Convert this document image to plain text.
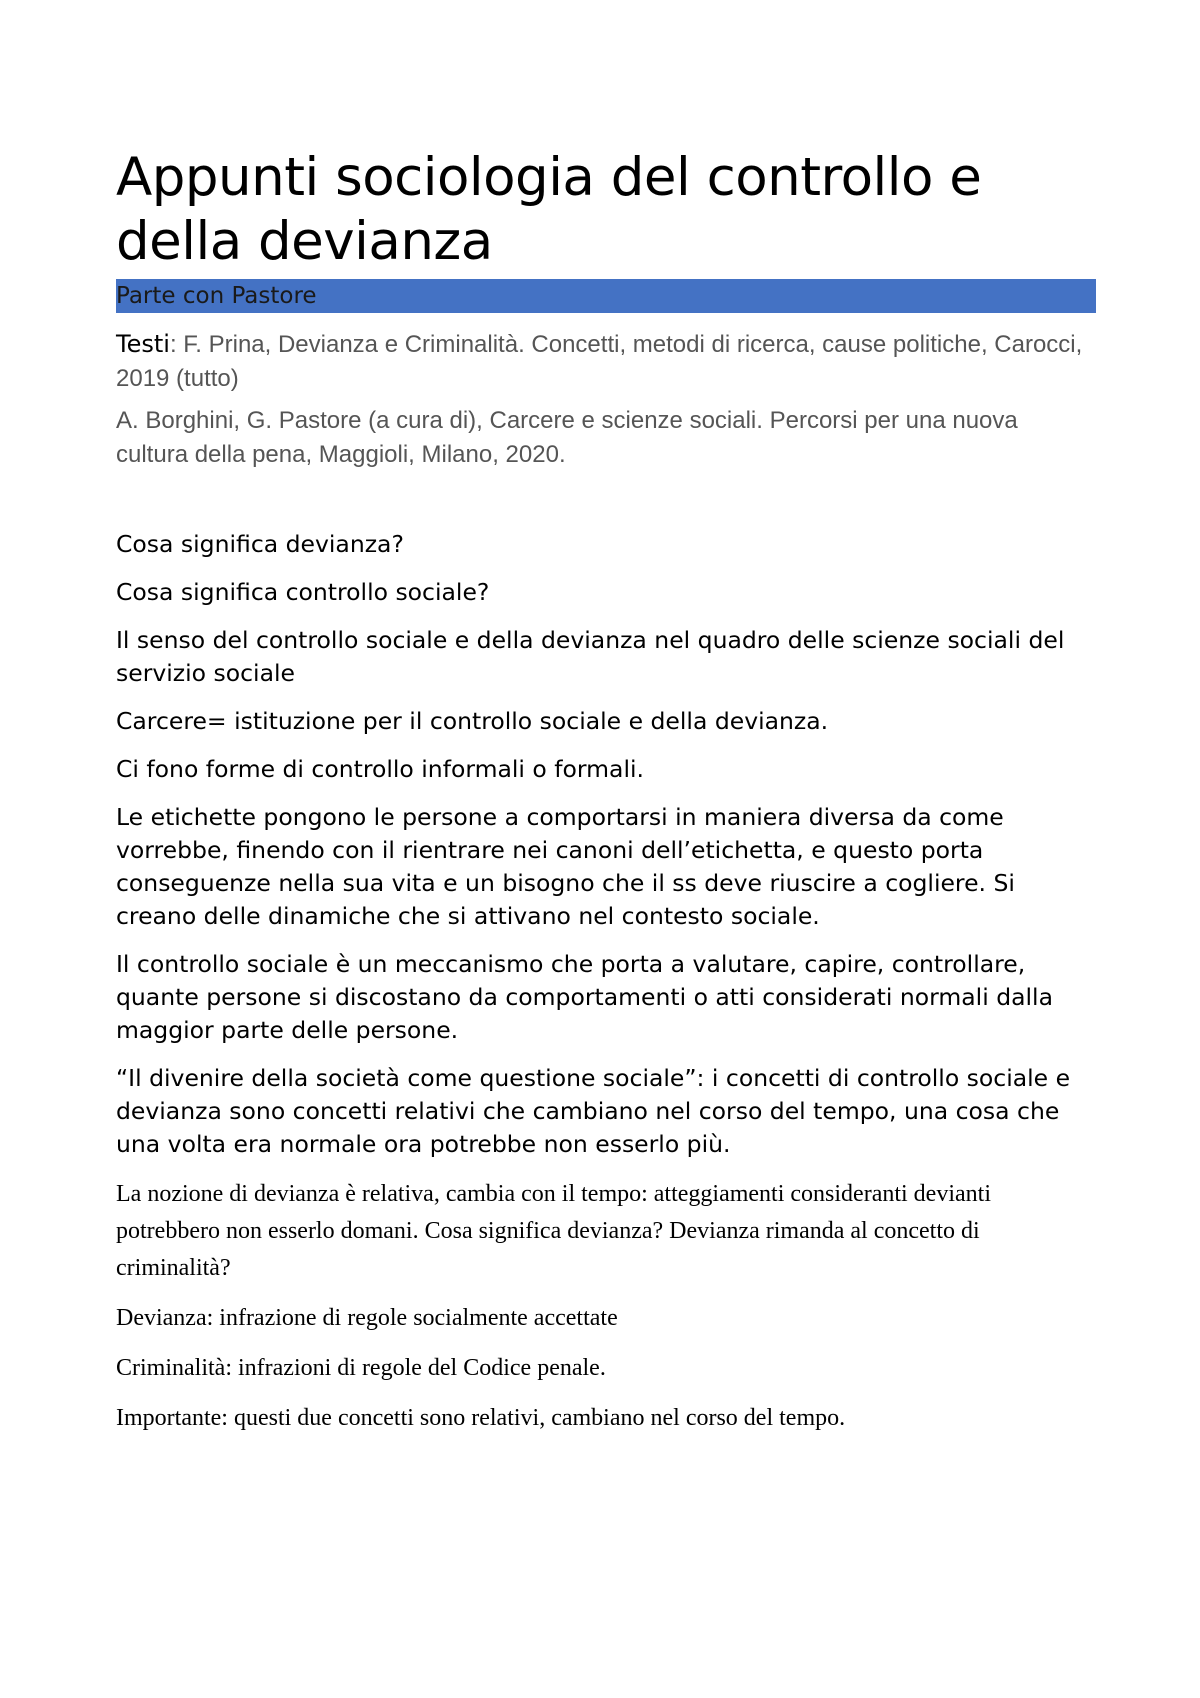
Appunti sociologia del controllo e della devianza
Parte con Pastore

Testi: F. Prina, Devianza e Criminalità. Concetti, metodi di ricerca, cause politiche, Carocci, 2019 (tutto)

A. Borghini, G. Pastore (a cura di), Carcere e scienze sociali. Percorsi per una nuova cultura della pena, Maggioli, Milano, 2020.

Cosa significa devianza?

Cosa significa controllo sociale?

Il senso del controllo sociale e della devianza nel quadro delle scienze sociali del servizio sociale

Carcere= istituzione per il controllo sociale e della devianza.

Ci fono forme di controllo informali o formali.

Le etichette pongono le persone a comportarsi in maniera diversa da come vorrebbe, finendo con il rientrare nei canoni dell’etichetta, e questo porta conseguenze nella sua vita e un bisogno che il ss deve riuscire a cogliere. Si creano delle dinamiche che si attivano nel contesto sociale.

Il controllo sociale è un meccanismo che porta a valutare, capire, controllare, quante persone si discostano da comportamenti o atti considerati normali dalla maggior parte delle persone.

“Il divenire della società come questione sociale”: i concetti di controllo sociale e devianza sono concetti relativi che cambiano nel corso del tempo, una cosa che una volta era normale ora potrebbe non esserlo più.

La nozione di devianza è relativa, cambia con il tempo: atteggiamenti consideranti devianti potrebbero non esserlo domani. Cosa significa devianza? Devianza rimanda al concetto di criminalità?

Devianza: infrazione di regole socialmente accettate

Criminalità: infrazioni di regole del Codice penale.

Importante: questi due concetti sono relativi, cambiano nel corso del tempo.
